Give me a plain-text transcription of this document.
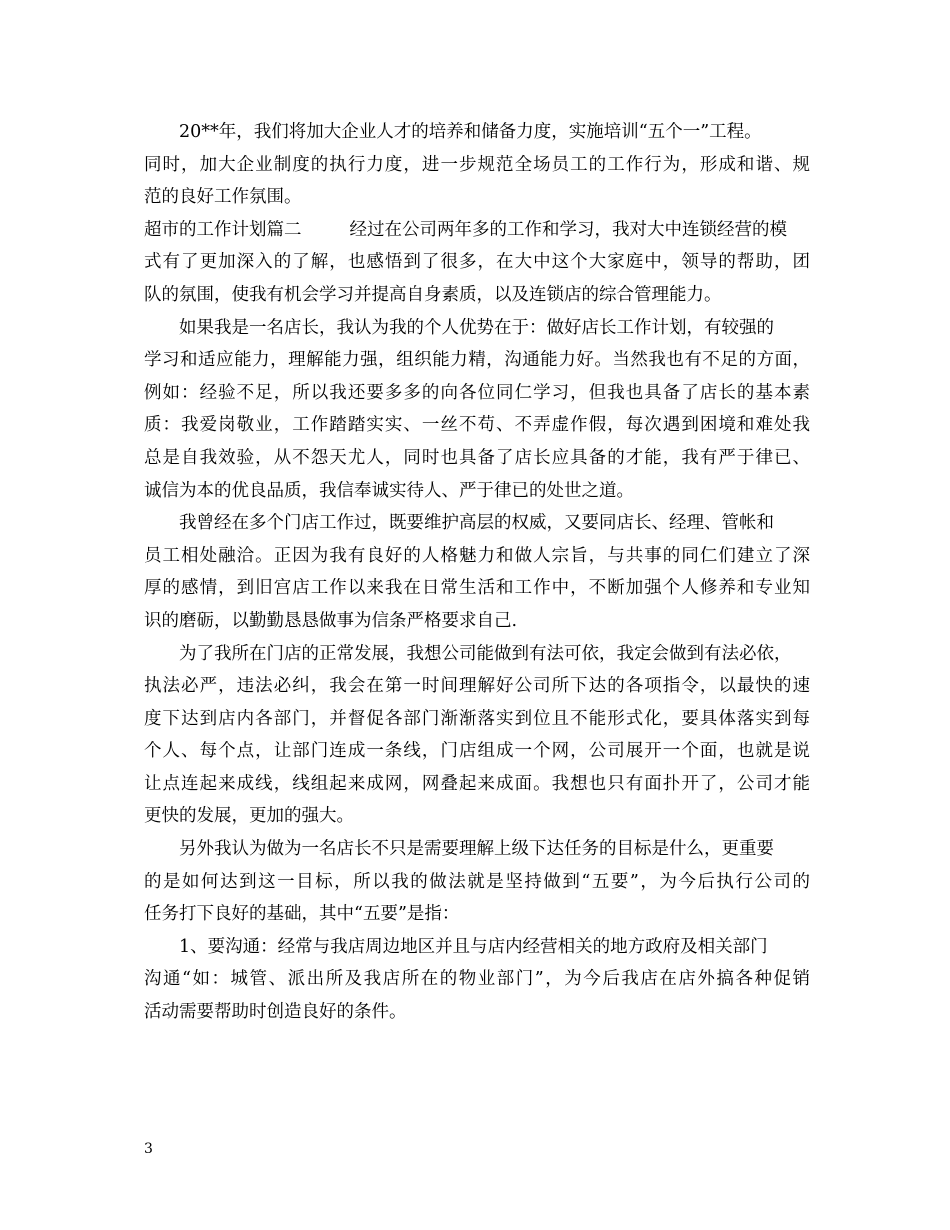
20**年，我们将加大企业人才的培养和储备力度，实施培训“五个一”工程。
同时，加大企业制度的执行力度，进一步规范全场员工的工作行为，形成和谐、规
范的良好工作氛围。
超市的工作计划篇二	经过在公司两年多的工作和学习，我对大中连锁经营的模
式有了更加深入的了解，也感悟到了很多，在大中这个大家庭中，领导的帮助，团
队的氛围，使我有机会学习并提高自身素质，以及连锁店的综合管理能力。
如果我是一名店长，我认为我的个人优势在于：做好店长工作计划，有较强的
学习和适应能力，理解能力强，组织能力精，沟通能力好。当然我也有不足的方面，
例如：经验不足，所以我还要多多的向各位同仁学习，但我也具备了店长的基本素
质：我爱岗敬业，工作踏踏实实、一丝不苟、不弄虚作假，每次遇到困境和难处我
总是自我效验，从不怨天尤人，同时也具备了店长应具备的才能，我有严于律已、
诚信为本的优良品质，我信奉诚实待人、严于律已的处世之道。
我曾经在多个门店工作过，既要维护高层的权威，又要同店长、经理、管帐和
员工相处融洽。正因为我有良好的人格魅力和做人宗旨，与共事的同仁们建立了深
厚的感情，到旧宫店工作以来我在日常生活和工作中，不断加强个人修养和专业知
识的磨砺，以勤勤恳恳做事为信条严格要求自己.
为了我所在门店的正常发展，我想公司能做到有法可依，我定会做到有法必依，
执法必严，违法必纠，我会在第一时间理解好公司所下达的各项指令，以最快的速
度下达到店内各部门，并督促各部门渐渐落实到位且不能形式化，要具体落实到每
个人、每个点，让部门连成一条线，门店组成一个网，公司展开一个面，也就是说
让点连起来成线，线组起来成网，网叠起来成面。我想也只有面扑开了，公司才能
更快的发展，更加的强大。
另外我认为做为一名店长不只是需要理解上级下达任务的目标是什么，更重要
的是如何达到这一目标，所以我的做法就是坚持做到“五要”，为今后执行公司的
任务打下良好的基础，其中“五要”是指：
1、要沟通：经常与我店周边地区并且与店内经营相关的地方政府及相关部门
沟通“如：城管、派出所及我店所在的物业部门”，为今后我店在店外搞各种促销
活动需要帮助时创造良好的条件。
3
